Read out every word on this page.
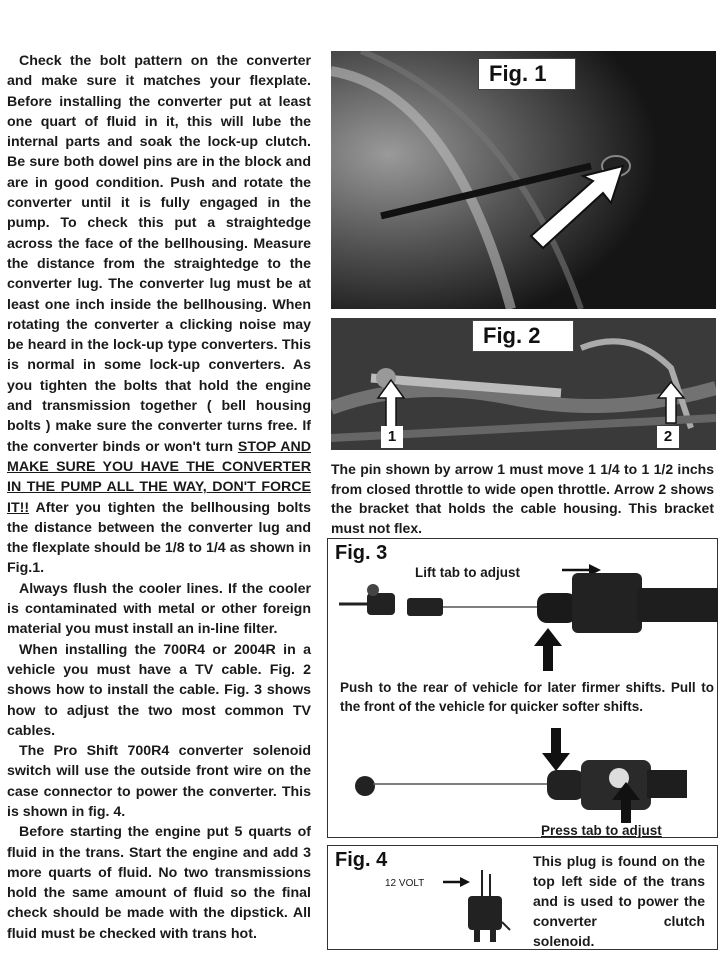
Check the bolt pattern on the converter and make sure it matches your flexplate. Before installing the converter put at least one quart of fluid in it, this will lube the internal parts and soak the lock-up clutch. Be sure both dowel pins are in the block and are in good condition. Push and rotate the converter until it is fully engaged in the pump. To check this put a straightedge across the face of the bellhousing. Measure the distance from the straightedge to the converter lug. The converter lug must be at least one inch inside the bellhousing. When rotating the converter a clicking noise may be heard in the lock-up type converters. This is normal in some lock-up converters. As you tighten the bolts that hold the engine and transmission together ( bell housing bolts ) make sure the converter turns free. If the converter binds or won't turn STOP AND MAKE SURE YOU HAVE THE CONVERTER IN THE PUMP ALL THE WAY, DON'T FORCE IT!! After you tighten the bellhousing bolts the distance between the converter lug and the flexplate should be 1/8 to 1/4 as shown in Fig.1.

Always flush the cooler lines. If the cooler is contaminated with metal or other foreign material you must install an in-line filter.

When installing the 700R4 or 2004R in a vehicle you must have a TV cable. Fig. 2 shows how to install the cable. Fig. 3 shows how to adjust the two most common TV cables.

The Pro Shift 700R4 converter solenoid switch will use the outside front wire on the case connector to power the converter. This is shown in fig. 4.

Before starting the engine put 5 quarts of fluid in the trans. Start the engine and add 3 more quarts of fluid. No two transmissions hold the same amount of fluid so the final check should be made with the dipstick. All fluid must be checked with trans hot.

Fig. 1
Fig. 2
1	2
The pin shown by arrow 1 must move 1 1/4 to 1 1/2 inchs from closed throttle to wide open throttle. Arrow 2 shows the bracket that holds the cable housing. This bracket must not flex.
Fig. 3
Lift tab to adjust
Push to the rear of vehicle for later firmer shifts. Pull to the front of the vehicle for quicker softer shifts.
Press tab to adjust
Fig. 4
12 VOLT
This plug is found on the top left side of the trans and is used to power the converter clutch solenoid.
